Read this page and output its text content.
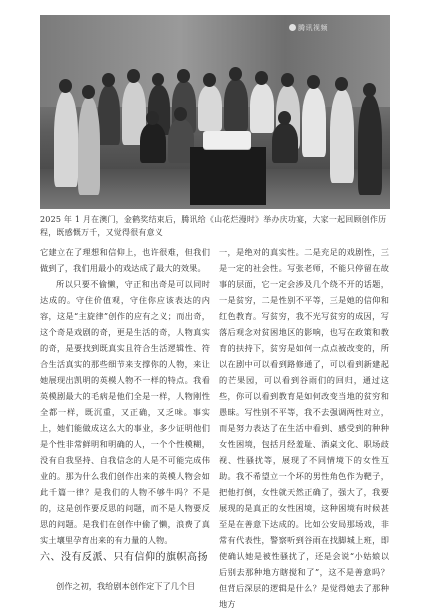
腾讯视频
2025 年 1 月在澳门，金鹤奖结束后，腾讯给《山花烂漫时》举办庆功宴，大家一起回顾创作历程，既感慨万千，又觉得很有意义

它建立在了理想和信仰上，也许很难，但我们做到了，我们用最小的戏达成了最大的效果。

所以只要不偷懒，守正和出奇是可以同时达成的。守住价值观，守住你应该表达的内容，这是“主旋律”创作的应有之义；而出奇，这个奇是戏剧的奇，更是生活的奇，人物真实的奇，是要找到既真实且符合生活逻辑性、符合生活真实的那些细节来支撑你的人物，来让她展现出凯明的英模人物不一样的特点。我看英模剧最大的毛病是他们全是一样，人物刚性全都一样，既沉重，又正确，又乏味。事实上，她们能做成这么大的事业，多少证明他们是个性非常鲜明和明确的人，一个个性模糊，没有自我坚持、自我信念的人是不可能完成伟业的。那为什么我们创作出来的英模人物会如此千篇一律？是我们的人物不够牛吗？不是的，这是创作要反思的问题，而不是人物要反思的问题。是我们在创作中偷了懒，浪费了真实土壤里孕育出来的有力量的人物。

一，是绝对的真实性。二是充足的戏剧性，三是一定的社会性。写张老师，不能只停留在故事的层面，它一定会涉及几个绕不开的话题，一是贫穷，二是性别不平等，三是她的信仰和红色教育。写贫穷，我不光写贫穷的成因，写落后观念对贫困地区的影响，也写在政策和教育的扶持下，贫穷是如何一点点被改变的，所以在剧中可以看到路修通了，可以看到新建起的芒果园，可以看到谷雨们的回归，通过这些，你可以看到教育是如何改变当地的贫穷和愚昧。写性别不平等，我不去强调两性对立，而是努力表达了在生活中看到、感受到的种种女性困境，包括月经羞耻、酒桌文化、职场歧视、性骚扰等，展现了不同情境下的女性互助。我不希望立一个坏的男性角色作为靶子，把他打倒，女性就天然正确了，强大了，我要展现的是真正的女性困境，这种困境有时候甚至是在善意下达成的。比如公安局那场戏，非常有代表性，警察听到谷雨在找脚城上班，即使确认她是被性骚扰了，还是会说“小姑娘以后别去那种地方瞎搅和了”，这不是善意吗？但背后深层的逻辑是什么？是觉得她去了那种地方

六、没有反派、只有信仰的旗帜高扬
创作之初，我给剧本创作定下了几个目
